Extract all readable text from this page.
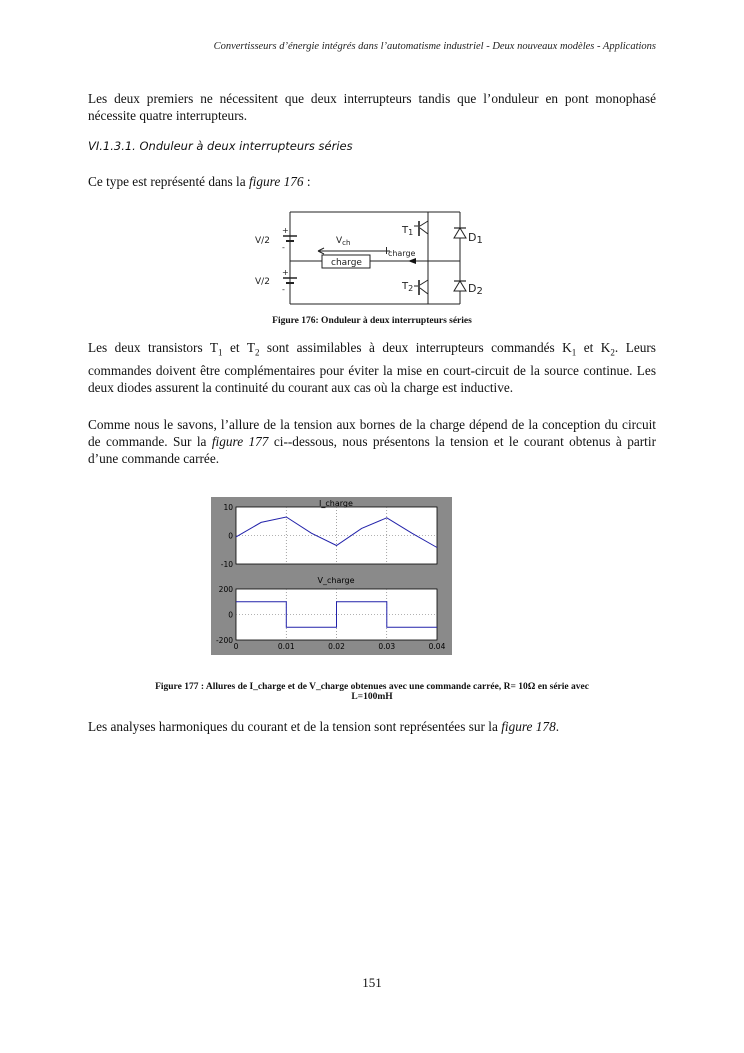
Convertisseurs d’énergie intégrés dans l’automatisme industriel - Deux nouveaux modèles - Applications
Les deux premiers ne nécessitent que deux interrupteurs tandis que l’onduleur en pont monophasé nécessite quatre interrupteurs.
VI.1.3.1. Onduleur à deux interrupteurs séries
Ce type est représenté dans la figure 176 :
+
-
+
-
V/2
V/2
$V_{ch}$
charge
$I_{charge}$
$T_1$
$T_2$
D1
D2
Figure 176: Onduleur à deux interrupteurs séries
Les deux transistors $T_1$ et $T_2$ sont assimilables à deux interrupteurs commandés $K_1$ et $K_2$. Leurs commandes doivent être complémentaires pour éviter la mise en court-circuit de la source continue. Les deux diodes assurent la continuité du courant aux cas où la charge est inductive.
Comme nous le savons, l’allure de la tension aux bornes de la charge dépend de la conception du circuit de commande. Sur la figure 177 ci--dessous, nous présentons la tension et le courant obtenus à partir d’une commande carrée.
I_charge
V_charge
10
0
-10
200
0
-200
0	0.01	0.02	0.03	0.04
Figure 177 : Allures de I_charge et de V_charge obtenues avec une commande carrée, R= 10Ω en série avec
L=100mH
Les analyses harmoniques du courant et de la tension sont représentées sur la figure 178.
151
